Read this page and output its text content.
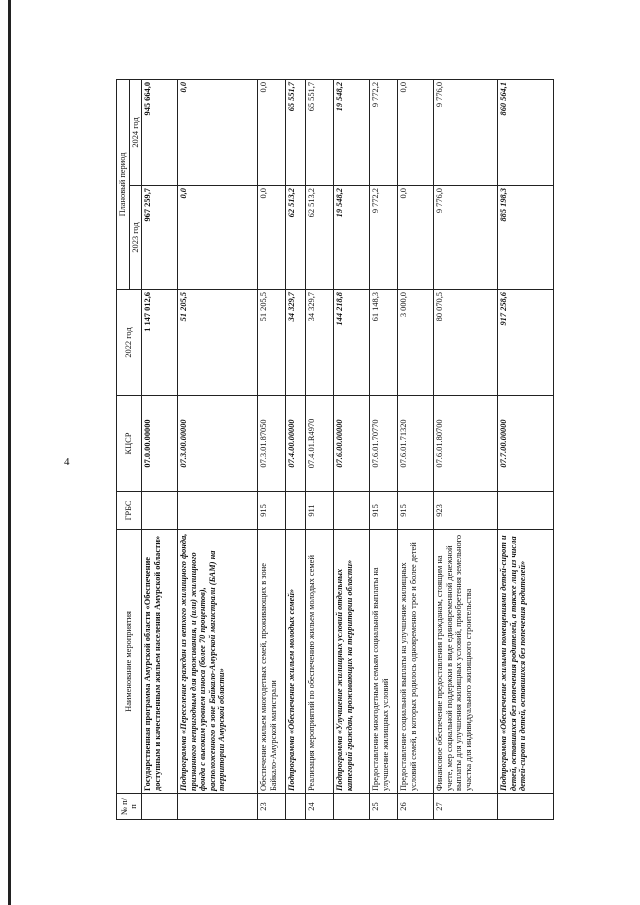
4
№ п/п	Наименование мероприятия	ГРБС	КЦСР	2022 год	Плановый период	
					2023 год	2024 год
	Государственная программа Амурской области «Обеспечение доступным и качественным жильем населения Амурской области»		07.0.00.00000	1 147 012,6	967 259,7	945 664,0
	Подпрограмма «Переселение граждан из ветхого жилищного фонда, признанного непригодным для проживания, и (или) жилищного фонда с высоким уровнем износа (более 70 процентов), расположенного в зоне Байкало-Амурской магистрали (БАМ) на территории Амурской области»		07.3.00.00000	51 205,5	0,0	0,0
23	Обеспечение жильем многодетных семей, проживающих в зоне Байкало-Амурской магистрали	915	07.3.01.87050	51 205,5	0,0	0,0
	Подпрограмма «Обеспечение жильем молодых семей»		07.4.00.00000	34 329,7	62 513,2	65 551,7
24	Реализация мероприятий по обеспечению жильем молодых семей	911	07.4.01.R4970	34 329,7	62 513,2	65 551,7
	Подпрограмма «Улучшение жилищных условий отдельных категорий граждан, проживающих на территории области»		07.6.00.00000	144 218,8	19 548,2	19 548,2
25	Предоставление многодетным семьям социальной выплаты на улучшение жилищных условий	915	07.6.01.70770	61 148,3	9 772,2	9 772,2
26	Предоставление социальной выплаты на улучшение жилищных условий семей, в которых родилось одновременно трое и более детей	915	07.6.01.71320	3 000,0	0,0	0,0
27	Финансовое обеспечение предоставления гражданам, стоящим на учете, мер социальной поддержки в виде единовременной денежной выплаты для улучшения жилищных условий, приобретения земельного участка для индивидуального жилищного строительства	923	07.6.01.80700	80 070,5	9 776,0	9 776,0
	Подпрограмма «Обеспечение жилыми помещениями детей-сирот и детей, оставшихся без попечения родителей, а также лиц из числа детей-сирот и детей, оставшихся без попечения родителей»		07.7.00.00000	917 258,6	885 198,3	860 564,1
